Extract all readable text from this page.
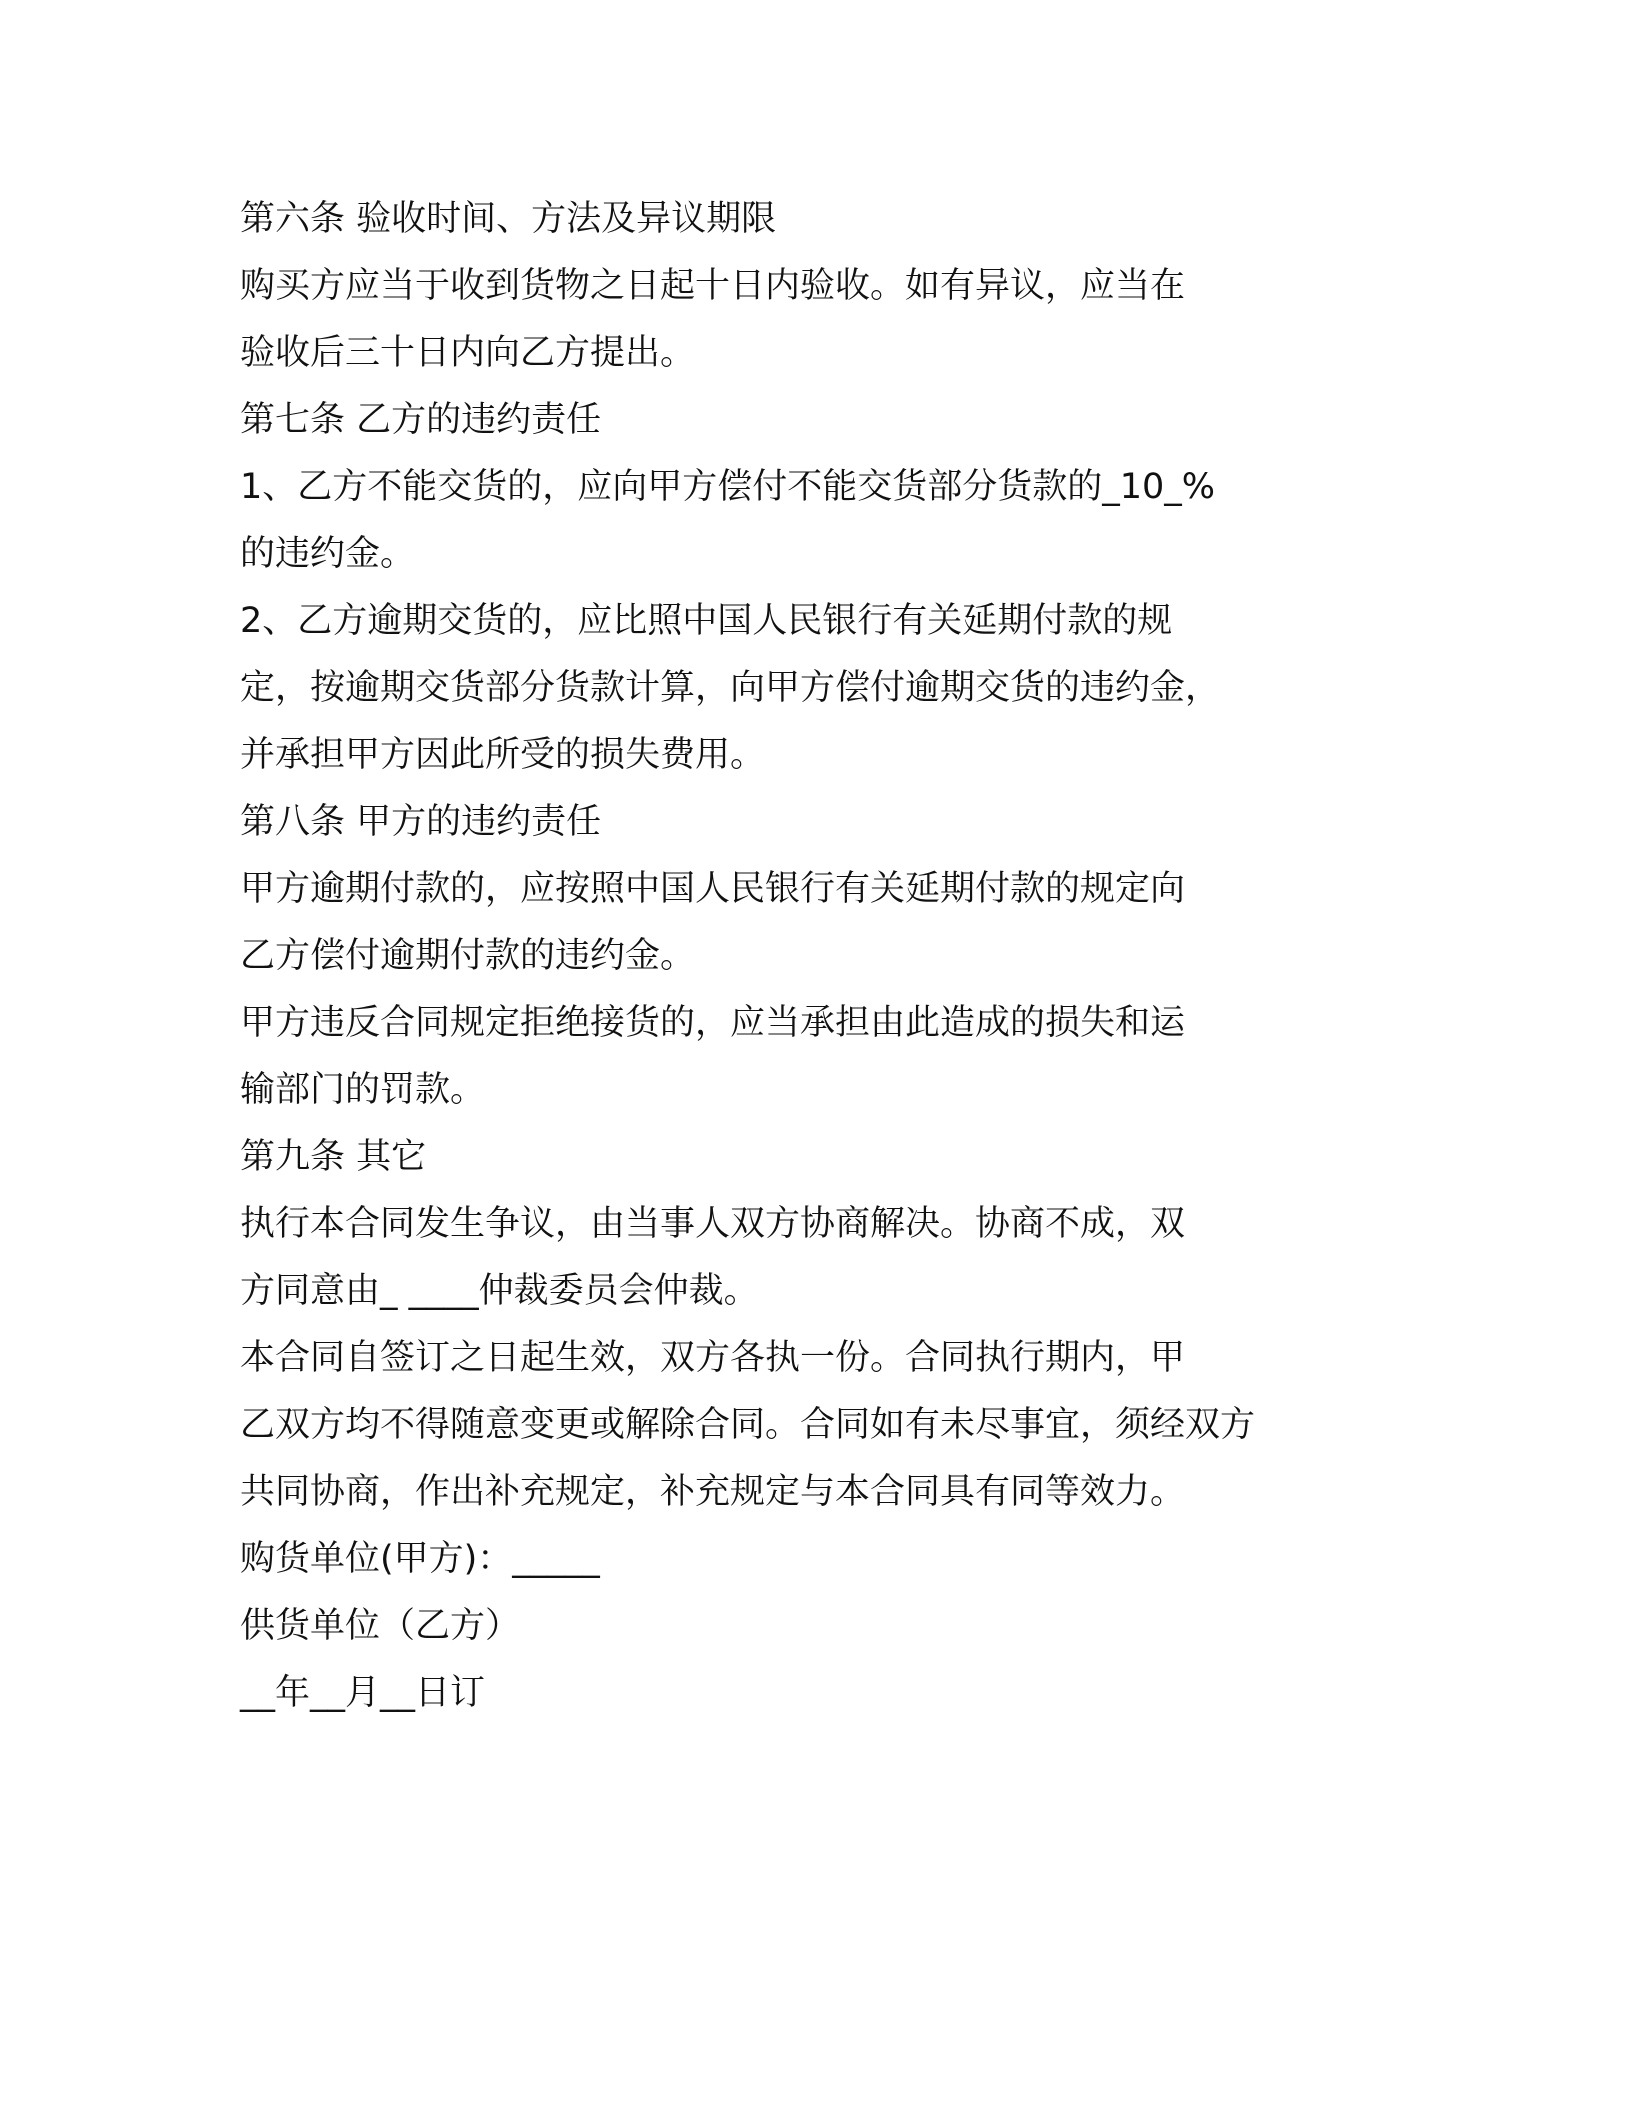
第六条 验收时间、方法及异议期限

购买方应当于收到货物之日起十日内验收。如有异议，应当在

验收后三十日内向乙方提出。

第七条 乙方的违约责任

1、乙方不能交货的，应向甲方偿付不能交货部分货款的_10_%

的违约金。

2、乙方逾期交货的，应比照中国人民银行有关延期付款的规

定，按逾期交货部分货款计算，向甲方偿付逾期交货的违约金，

并承担甲方因此所受的损失费用。

第八条 甲方的违约责任

甲方逾期付款的，应按照中国人民银行有关延期付款的规定向

乙方偿付逾期付款的违约金。

甲方违反合同规定拒绝接货的，应当承担由此造成的损失和运

输部门的罚款。

第九条 其它

执行本合同发生争议，由当事人双方协商解决。协商不成，双

方同意由_ ____仲裁委员会仲裁。

本合同自签订之日起生效，双方各执一份。合同执行期内，甲

乙双方均不得随意变更或解除合同。合同如有未尽事宜，须经双方

共同协商，作出补充规定，补充规定与本合同具有同等效力。

购货单位(甲方)：_____

供货单位（乙方）

__年__月__日订
